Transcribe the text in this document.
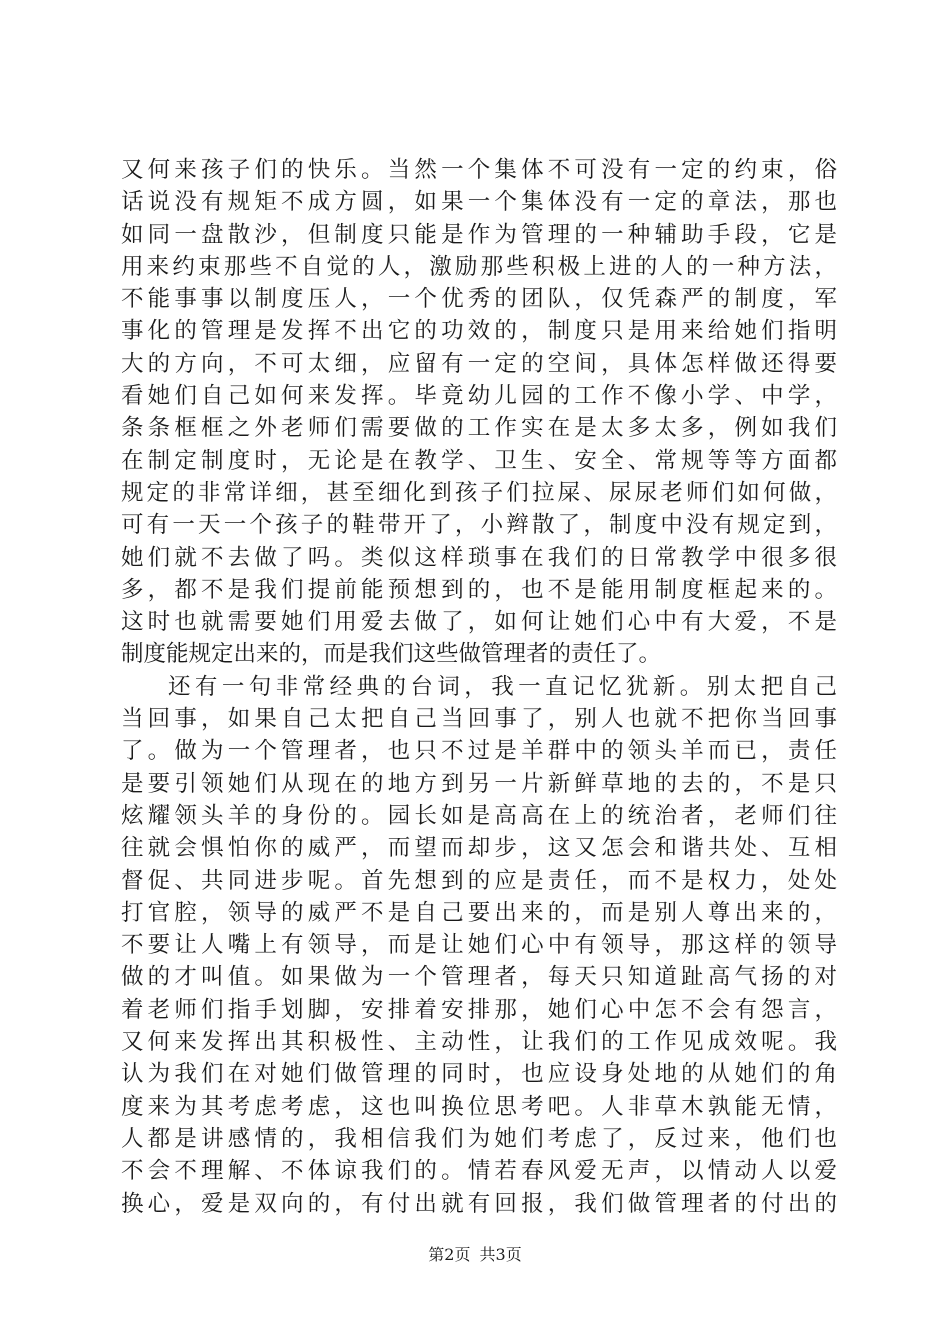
又何来孩子们的快乐。当然一个集体不可没有一定的约束，俗
话说没有规矩不成方圆，如果一个集体没有一定的章法，那也
如同一盘散沙，但制度只能是作为管理的一种辅助手段，它是
用来约束那些不自觉的人，激励那些积极上进的人的一种方法，
不能事事以制度压人，一个优秀的团队，仅凭森严的制度，军
事化的管理是发挥不出它的功效的，制度只是用来给她们指明
大的方向，不可太细，应留有一定的空间，具体怎样做还得要
看她们自己如何来发挥。毕竟幼儿园的工作不像小学、中学，
条条框框之外老师们需要做的工作实在是太多太多，例如我们
在制定制度时，无论是在教学、卫生、安全、常规等等方面都
规定的非常详细，甚至细化到孩子们拉屎、尿尿老师们如何做，
可有一天一个孩子的鞋带开了，小辫散了，制度中没有规定到，
她们就不去做了吗。类似这样琐事在我们的日常教学中很多很
多，都不是我们提前能预想到的，也不是能用制度框起来的。
这时也就需要她们用爱去做了，如何让她们心中有大爱，不是
制度能规定出来的，而是我们这些做管理者的责任了。
还有一句非常经典的台词，我一直记忆犹新。别太把自己
当回事，如果自己太把自己当回事了，别人也就不把你当回事
了。做为一个管理者，也只不过是羊群中的领头羊而已，责任
是要引领她们从现在的地方到另一片新鲜草地的去的，不是只
炫耀领头羊的身份的。园长如是高高在上的统治者，老师们往
往就会惧怕你的威严，而望而却步，这又怎会和谐共处、互相
督促、共同进步呢。首先想到的应是责任，而不是权力，处处
打官腔，领导的威严不是自己要出来的，而是别人尊出来的，
不要让人嘴上有领导，而是让她们心中有领导，那这样的领导
做的才叫值。如果做为一个管理者，每天只知道趾高气扬的对
着老师们指手划脚，安排着安排那，她们心中怎不会有怨言，
又何来发挥出其积极性、主动性，让我们的工作见成效呢。我
认为我们在对她们做管理的同时，也应设身处地的从她们的角
度来为其考虑考虑，这也叫换位思考吧。人非草木孰能无情，
人都是讲感情的，我相信我们为她们考虑了，反过来，他们也
不会不理解、不体谅我们的。情若春风爱无声，以情动人以爱
换心，爱是双向的，有付出就有回报，我们做管理者的付出的
第2页 共3页
